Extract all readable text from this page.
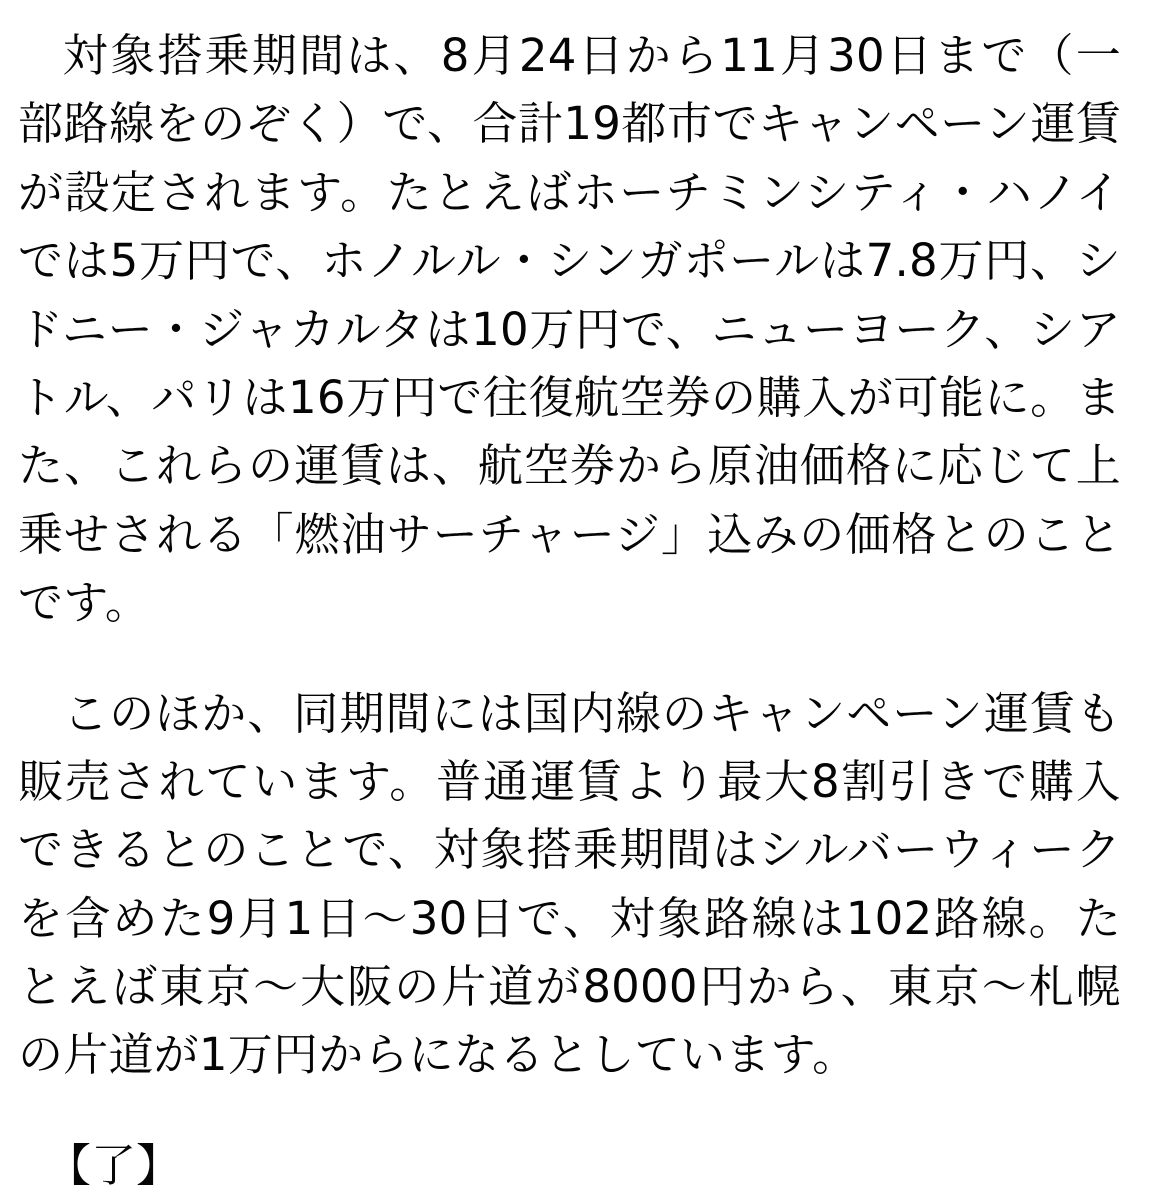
対象搭乗期間は、8月24日から11月30日まで（一部路線をのぞく）で、合計19都市でキャンペーン運賃が設定されます。たとえばホーチミンシティ・ハノイでは5万円で、ホノルル・シンガポールは7.8万円、シドニー・ジャカルタは10万円で、ニューヨーク、シアトル、パリは16万円で往復航空券の購入が可能に。また、これらの運賃は、航空券から原油価格に応じて上乗せされる「燃油サーチャージ」込みの価格とのことです。

このほか、同期間には国内線のキャンペーン運賃も販売されています。普通運賃より最大8割引きで購入できるとのことで、対象搭乗期間はシルバーウィークを含めた9月1日〜30日で、対象路線は102路線。たとえば東京〜大阪の片道が8000円から、東京〜札幌の片道が1万円からになるとしています。

【了】
